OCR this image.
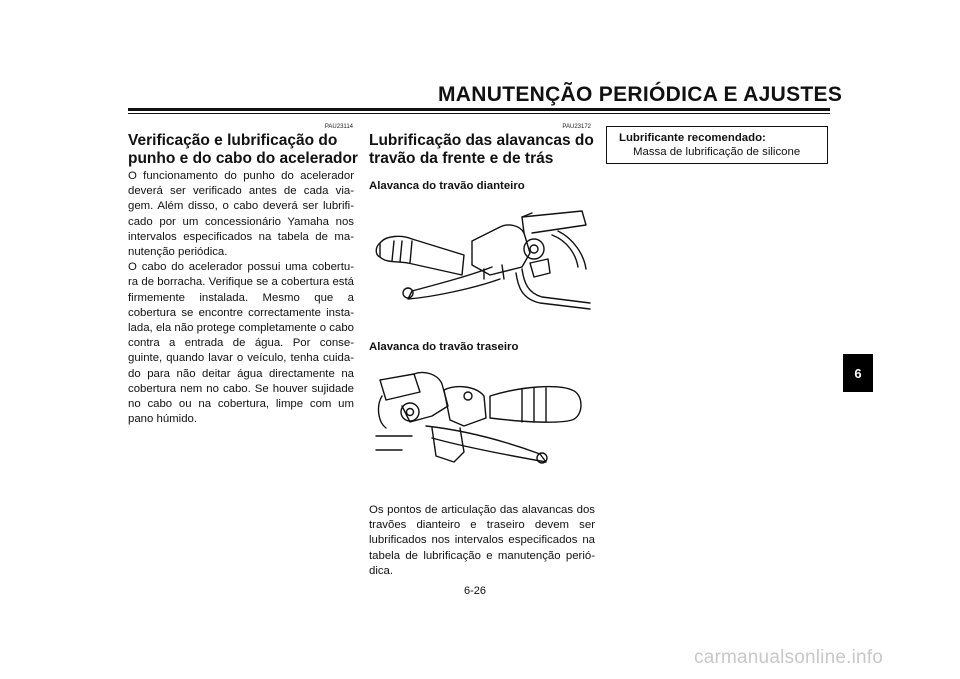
MANUTENÇÃO PERIÓDICA E AJUSTES
PAU23114
Verificação e lubrificação do
punho e do cabo do acelerador

O funcionamento do punho do acelerador deverá ser verificado antes de cada via- gem. Além disso, o cabo deverá ser lubrifi- cado por um concessionário Yamaha nos intervalos especificados na tabela de ma- nutenção periódica.

O cabo do acelerador possui uma cobertu- ra de borracha. Verifique se a cobertura está firmemente instalada. Mesmo que a cobertura se encontre correctamente insta- lada, ela não protege completamente o cabo contra a entrada de água. Por conse- guinte, quando lavar o veículo, tenha cuida- do para não deitar água directamente na cobertura nem no cabo. Se houver sujidade no cabo ou na cobertura, limpe com um pano húmido.

PAU23172
Lubrificação das alavancas do
travão da frente e de trás
Alavanca do travão dianteiro
Alavanca do travão traseiro
Os pontos de articulação das alavancas dos travões dianteiro e traseiro devem ser lubrificados nos intervalos especificados na tabela de lubrificação e manutenção perió- dica.
Lubrificante recomendado:
Massa de lubrificação de silicone
6
6-26
carmanualsonline.info
